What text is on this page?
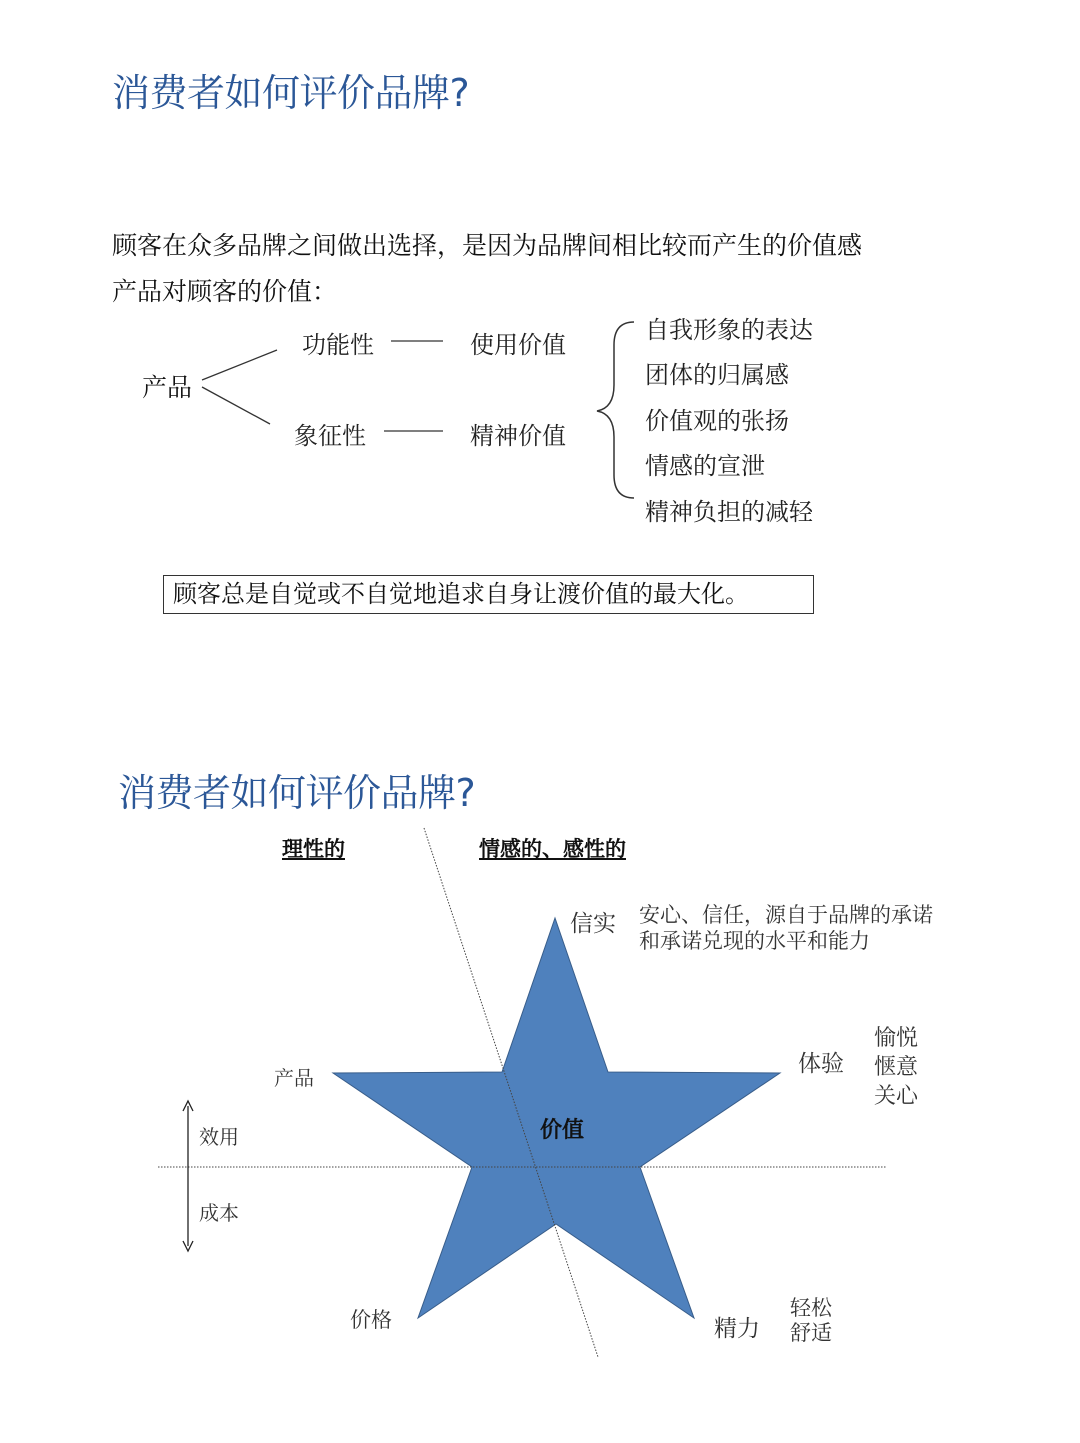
消费者如何评价品牌?
顾客在众多品牌之间做出选择，是因为品牌间相比较而产生的价值感
产品对顾客的价值：
产品
功能性	使用价值
象征性	精神价值
自我形象的表达
团体的归属感
价值观的张扬
情感的宣泄
精神负担的减轻
顾客总是自觉或不自觉地追求自身让渡价值的最大化。
消费者如何评价品牌?
理性的	情感的、感性的
价值
信实 安心、信任，源自于品牌的承诺
和承诺兑现的水平和能力
体验
愉悦
惬意
关心
产品
效用
成本
价格	精力
轻松
舒适
